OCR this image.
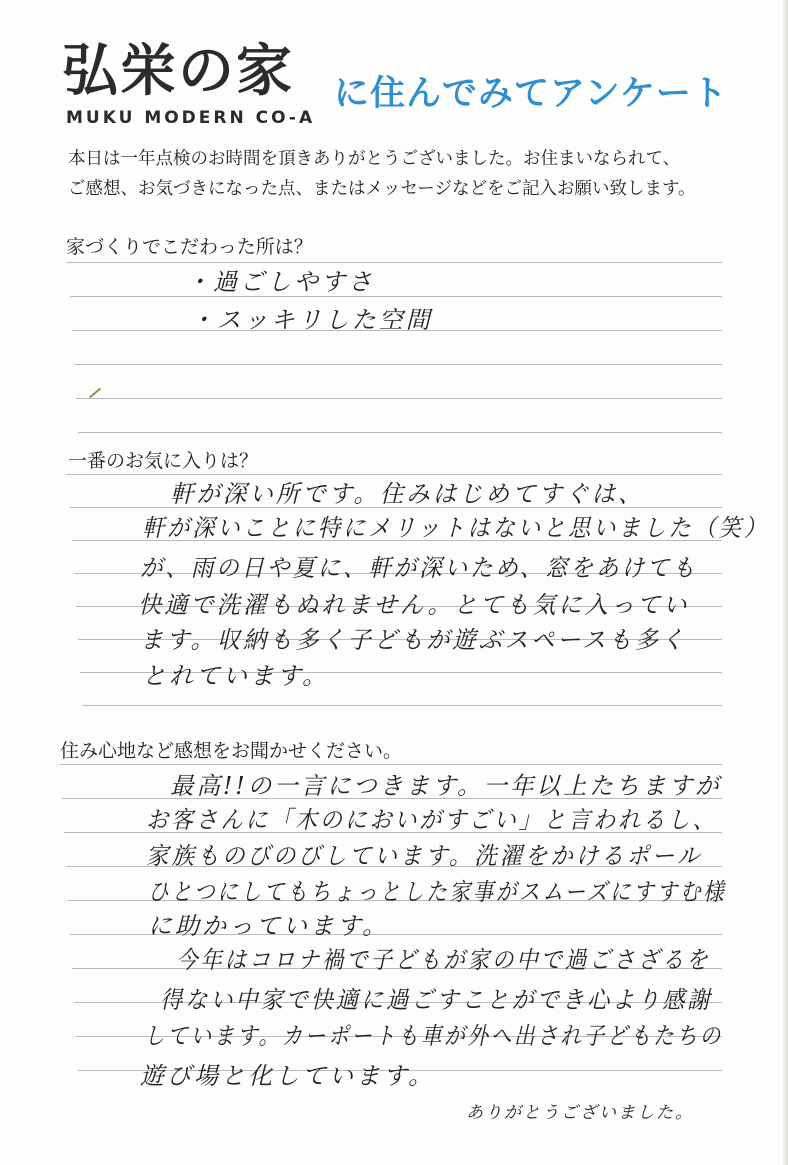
弘栄の家
MUKU MODERN CO-A
に住んでみてアンケート
本日は一年点検のお時間を頂きありがとうございました。お住まいなられて、
ご感想、お気づきになった点、またはメッセージなどをご記入お願い致します。
家づくりでこだわった所は？
・過ごしやすさ
・スッキリした空間
一番のお気に入りは？
軒が深い所です。住みはじめてすぐは、
軒が深いことに特にメリットはないと思いました（笑）
が、雨の日や夏に、軒が深いため、窓をあけても
快適で洗濯もぬれません。とても気に入ってい
ます。収納も多く子どもが遊ぶスペースも多く
とれています。
住み心地など感想をお聞かせください。
最高!!の一言につきます。一年以上たちますが
お客さんに「木のにおいがすごい」と言われるし、
家族ものびのびしています。洗濯をかけるポール
ひとつにしてもちょっとした家事がスムーズにすすむ様
に助かっています。
今年はコロナ禍で子どもが家の中で過ごさざるを
得ない中家で快適に過ごすことができ心より感謝
しています。カーポートも車が外へ出され子どもたちの
遊び場と化しています。
ありがとうございました。
